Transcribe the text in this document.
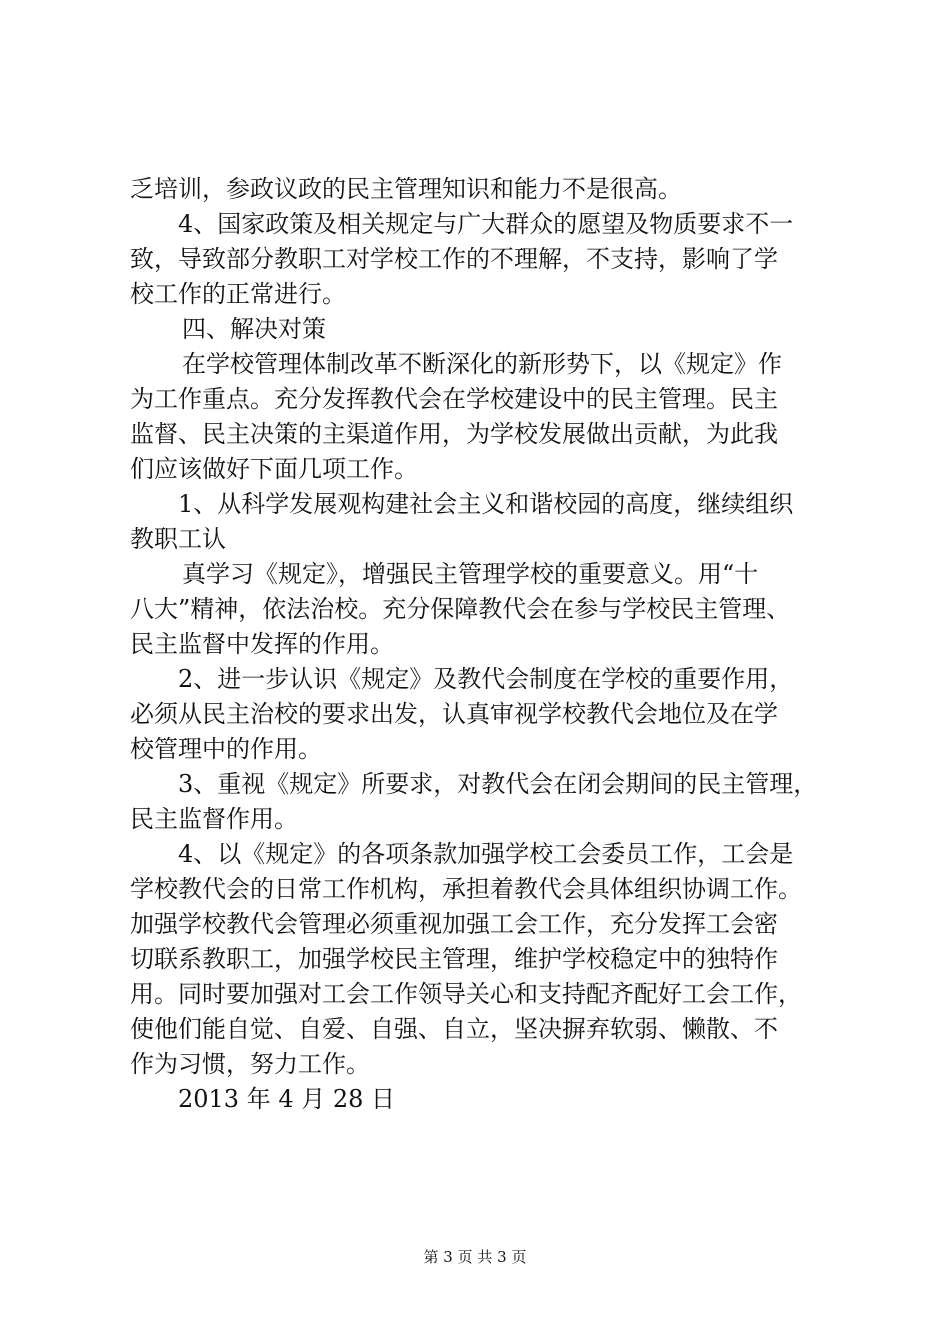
乏培训，参政议政的民主管理知识和能力不是很高。
4、国家政策及相关规定与广大群众的愿望及物质要求不一
致，导致部分教职工对学校工作的不理解，不支持，影响了学
校工作的正常进行。
四、解决对策
在学校管理体制改革不断深化的新形势下，以《规定》作
为工作重点。充分发挥教代会在学校建设中的民主管理。民主
监督、民主决策的主渠道作用，为学校发展做出贡献，为此我
们应该做好下面几项工作。
1、从科学发展观构建社会主义和谐校园的高度，继续组织
教职工认
真学习《规定》，增强民主管理学校的重要意义。用“十
八大”精神，依法治校。充分保障教代会在参与学校民主管理、
民主监督中发挥的作用。
2、进一步认识《规定》及教代会制度在学校的重要作用，
必须从民主治校的要求出发，认真审视学校教代会地位及在学
校管理中的作用。
3、重视《规定》所要求，对教代会在闭会期间的民主管理，
民主监督作用。
4、以《规定》的各项条款加强学校工会委员工作，工会是
学校教代会的日常工作机构，承担着教代会具体组织协调工作。
加强学校教代会管理必须重视加强工会工作，充分发挥工会密
切联系教职工，加强学校民主管理，维护学校稳定中的独特作
用。同时要加强对工会工作领导关心和支持配齐配好工会工作，
使他们能自觉、自爱、自强、自立，坚决摒弃软弱、懒散、不
作为习惯，努力工作。
2013 年 4 月 28 日
第 3 页 共 3 页
